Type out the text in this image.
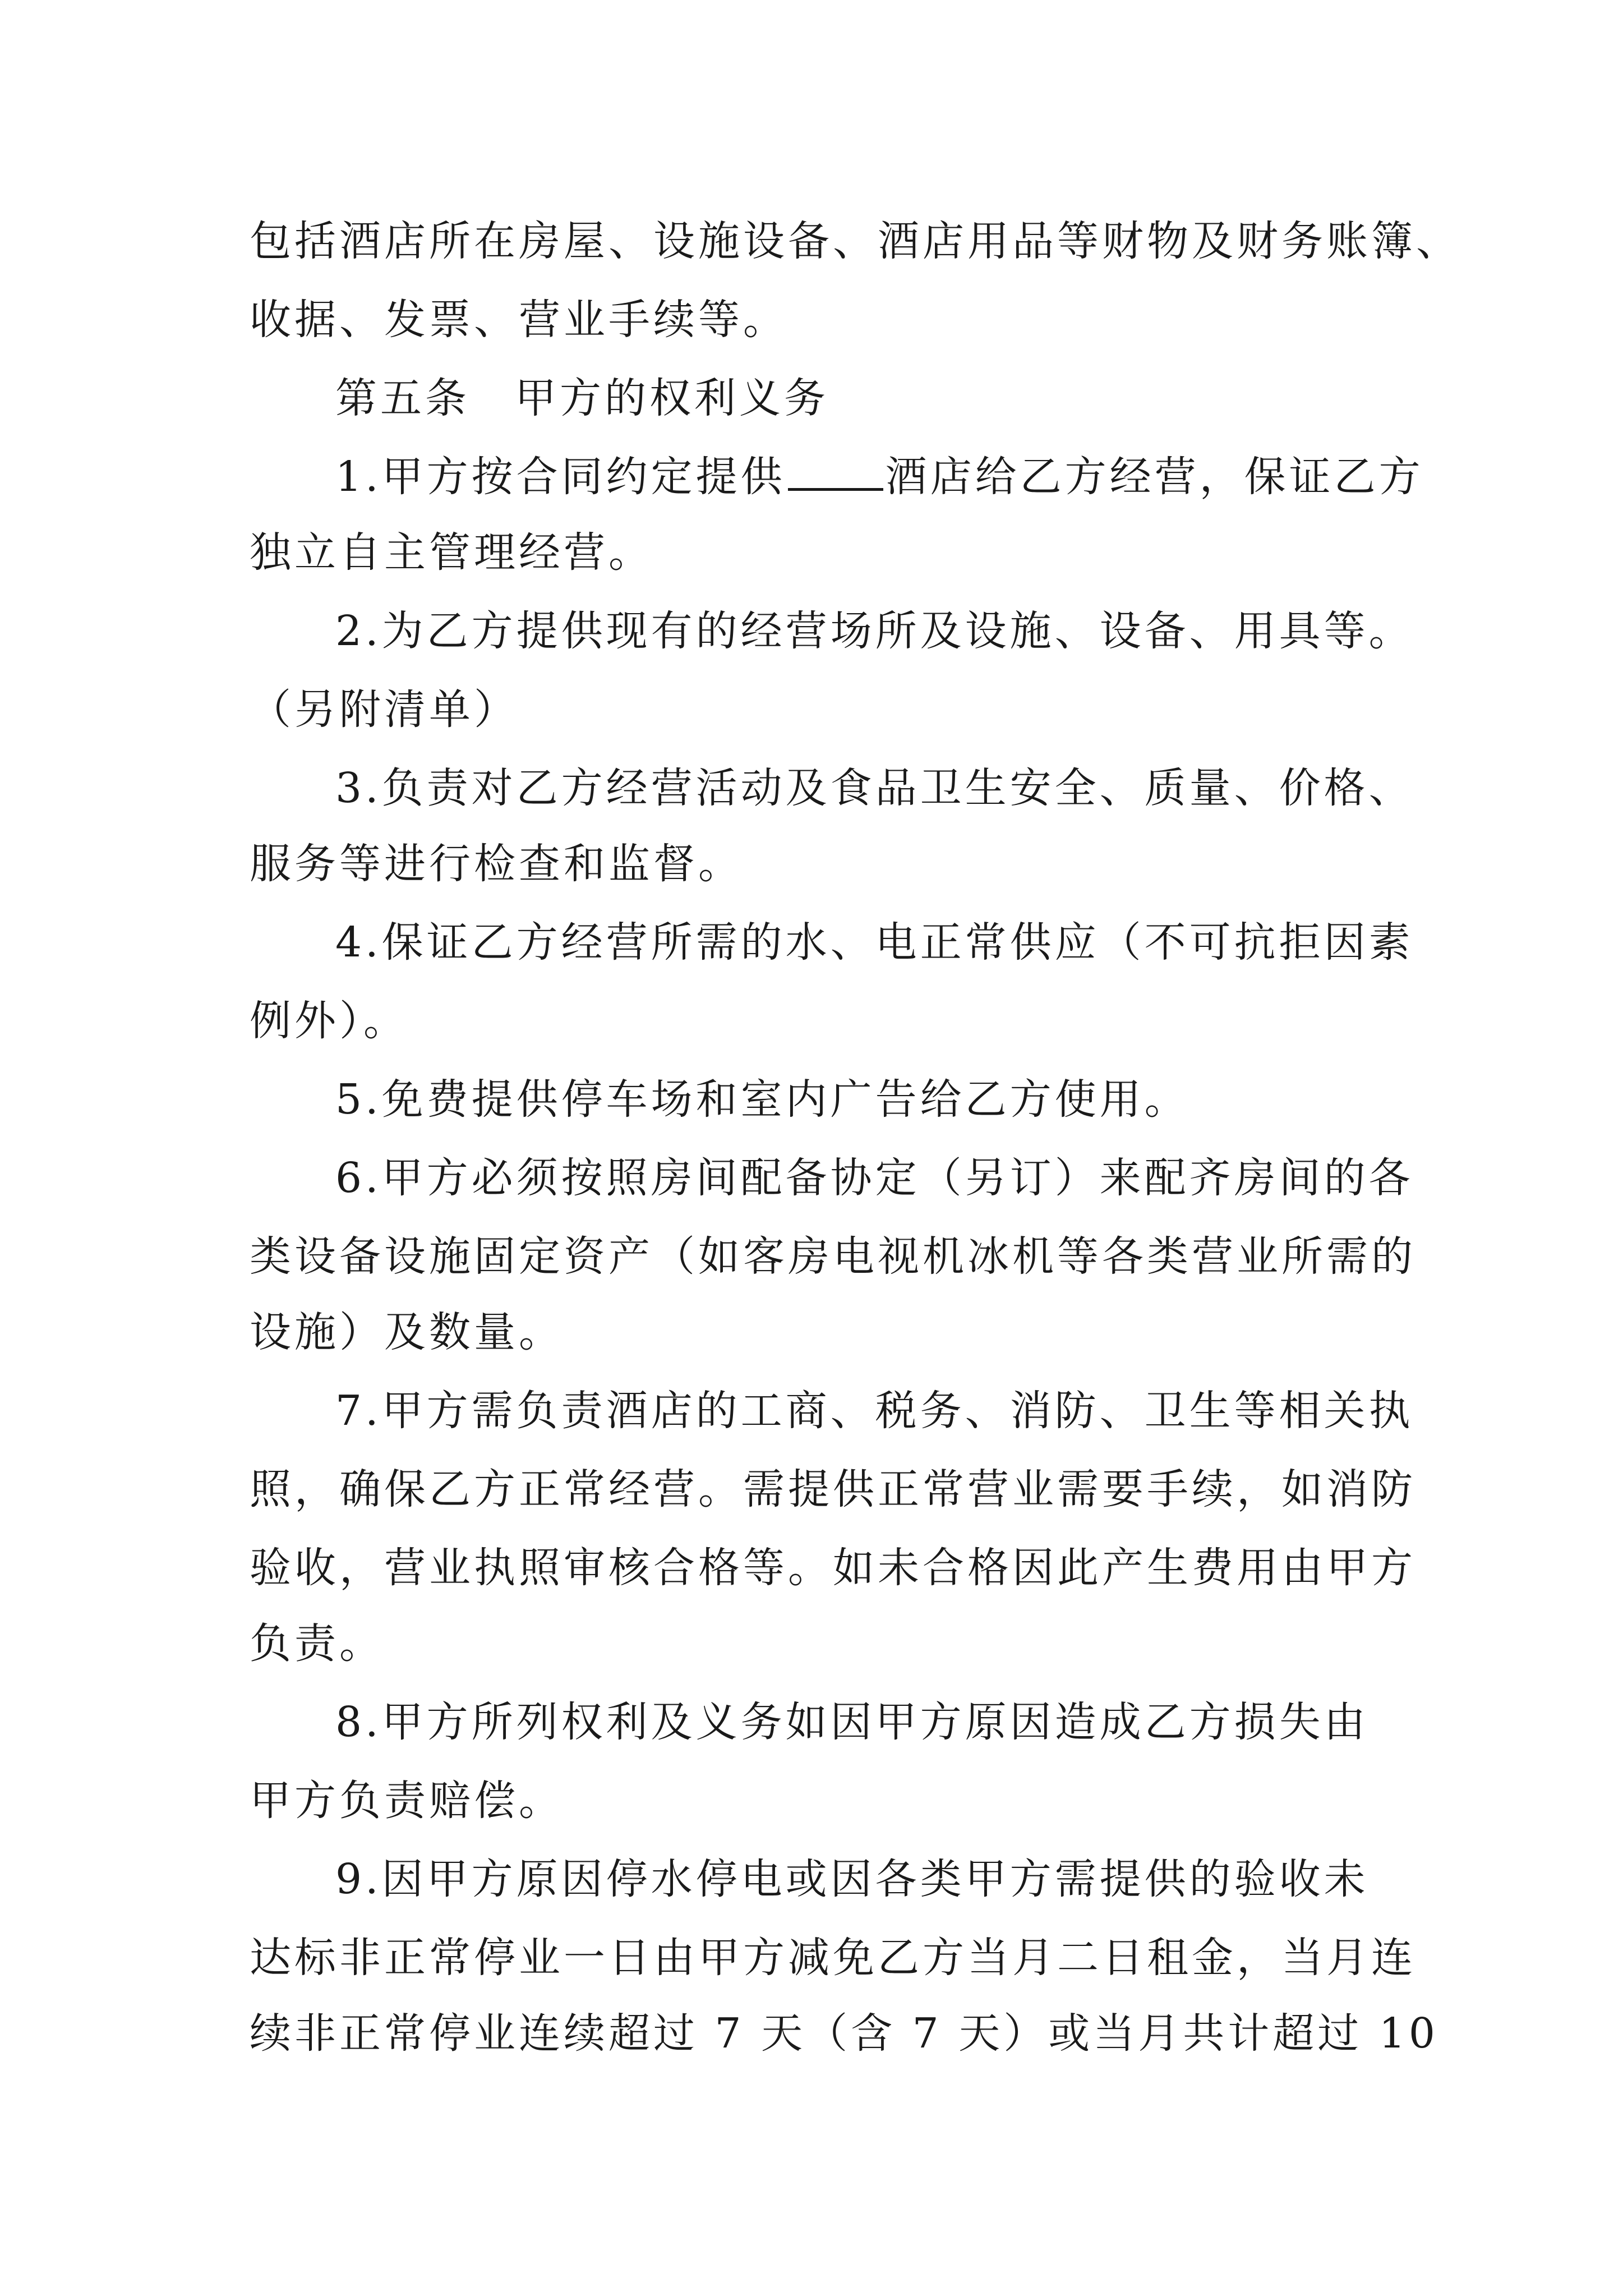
包括酒店所在房屋、设施设备、酒店用品等财物及财务账簿、
收据、发票、营业手续等。
第五条　甲方的权利义务
1.甲方按合同约定提供 酒店给乙方经营，保证乙方
独立自主管理经营。
2.为乙方提供现有的经营场所及设施、设备、用具等。
（另附清单）
3.负责对乙方经营活动及食品卫生安全、质量、价格、
服务等进行检查和监督。
4.保证乙方经营所需的水、电正常供应（不可抗拒因素
例外）。
5.免费提供停车场和室内广告给乙方使用。
6.甲方必须按照房间配备协定（另订）来配齐房间的各
类设备设施固定资产（如客房电视机冰机等各类营业所需的
设施）及数量。
7.甲方需负责酒店的工商、税务、消防、卫生等相关执
照，确保乙方正常经营。需提供正常营业需要手续，如消防
验收，营业执照审核合格等。如未合格因此产生费用由甲方
负责。
8.甲方所列权利及义务如因甲方原因造成乙方损失由
甲方负责赔偿。
9.因甲方原因停水停电或因各类甲方需提供的验收未
达标非正常停业一日由甲方减免乙方当月二日租金，当月连
续非正常停业连续超过 7 天（含 7 天）或当月共计超过 10
